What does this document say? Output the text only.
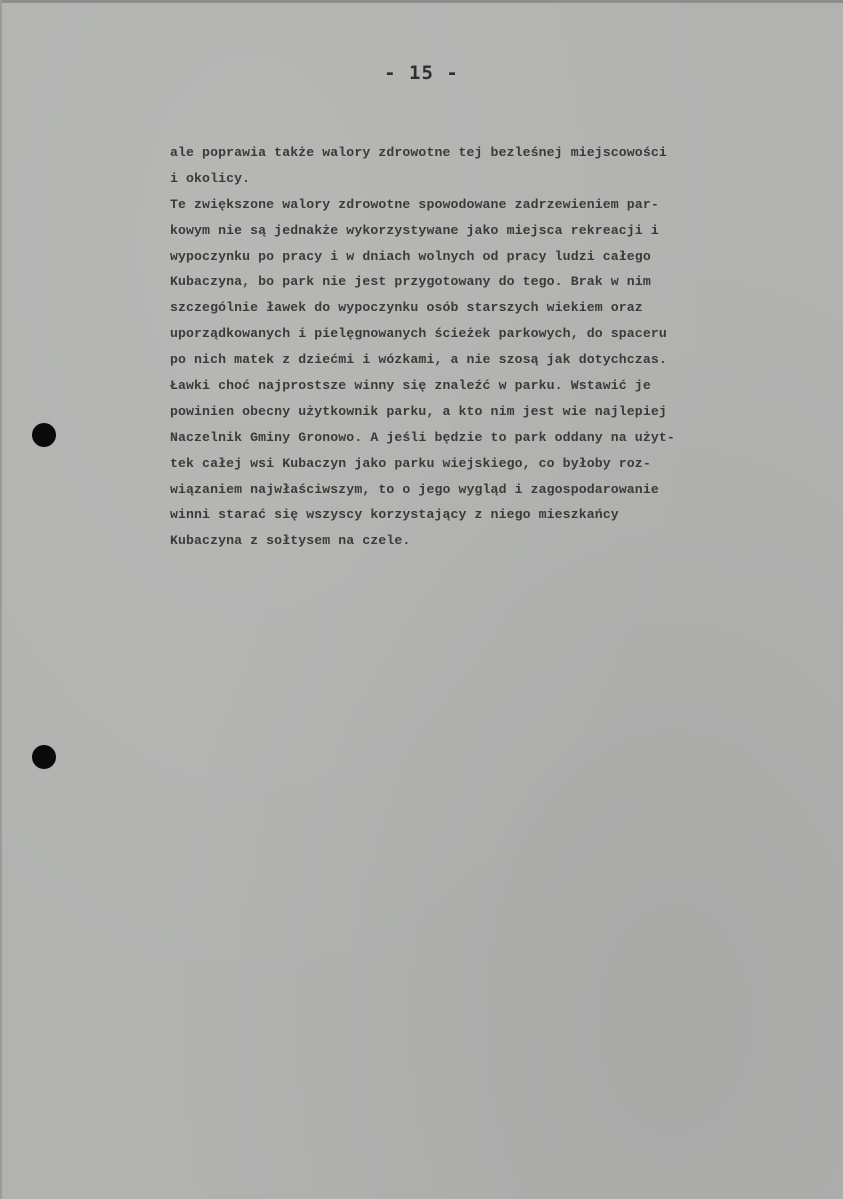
- 15 -
ale poprawia także walory zdrowotne tej bezleśnej miejscowości
i okolicy.
Te zwiększone walory zdrowotne spowodowane zadrzewieniem par-
kowym nie są jednakże wykorzystywane jako miejsca rekreacji i
wypoczynku po pracy i w dniach wolnych od pracy ludzi całego
Kubaczyna, bo park nie jest przygotowany do tego. Brak w nim
szczególnie ławek do wypoczynku osób starszych wiekiem oraz
uporządkowanych i pielęgnowanych ścieżek parkowych, do spaceru
po nich matek z dziećmi i wózkami, a nie szosą jak dotychczas.
Ławki choć najprostsze winny się znaleźć w parku. Wstawić je
powinien obecny użytkownik parku, a kto nim jest wie najlepiej
Naczelnik Gminy Gronowo. A jeśli będzie to park oddany na użyt-
tek całej wsi Kubaczyn jako parku wiejskiego, co byłoby roz-
wiązaniem najwłaściwszym, to o jego wygląd i zagospodarowanie
winni starać się wszyscy korzystający z niego mieszkańcy
Kubaczyna z sołtysem na czele.
